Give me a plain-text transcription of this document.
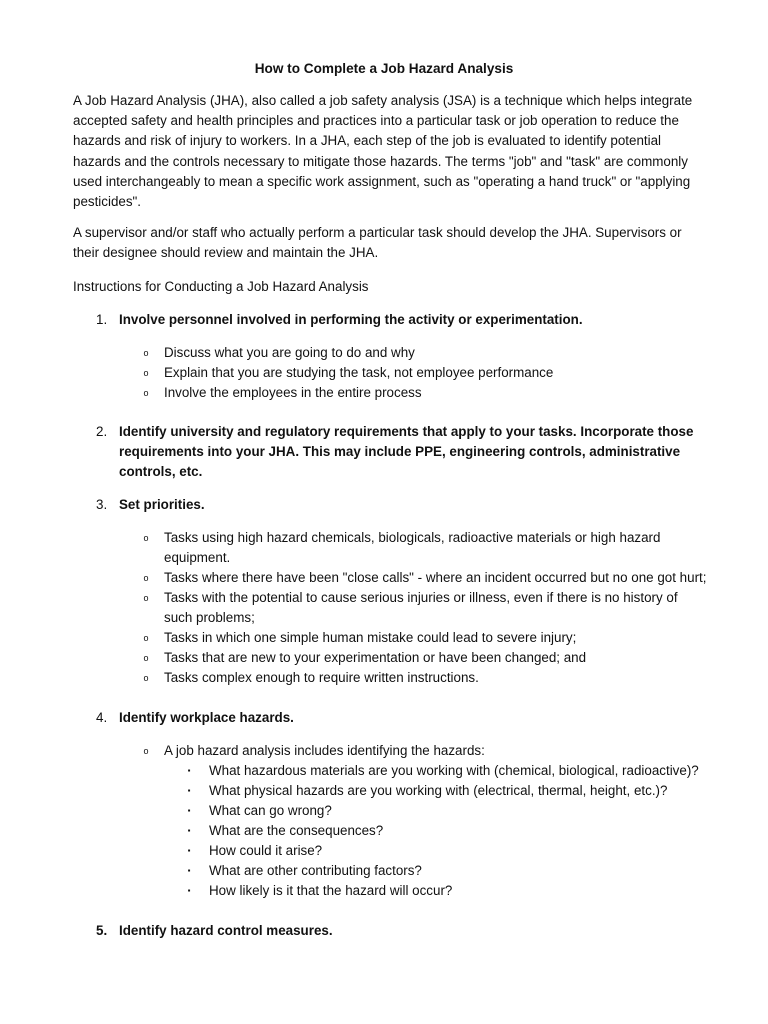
How to Complete a Job Hazard Analysis

A Job Hazard Analysis (JHA), also called a job safety analysis (JSA) is a technique which helps integrate accepted safety and health principles and practices into a particular task or job operation to reduce the hazards and risk of injury to workers. In a JHA, each step of the job is evaluated to identify potential hazards and the controls necessary to mitigate those hazards. The terms "job" and "task" are commonly used interchangeably to mean a specific work assignment, such as "operating a hand truck" or "applying pesticides".

A supervisor and/or staff who actually perform a particular task should develop the JHA. Supervisors or their designee should review and maintain the JHA.

Instructions for Conducting a Job Hazard Analysis
1. Involve personnel involved in performing the activity or experimentation.
o Discuss what you are going to do and why
o Explain that you are studying the task, not employee performance
o Involve the employees in the entire process
2. Identify university and regulatory requirements that apply to your tasks. Incorporate those requirements into your JHA. This may include PPE, engineering controls, administrative controls, etc.
3. Set priorities.
o Tasks using high hazard chemicals, biologicals, radioactive materials or high hazard equipment.
o Tasks where there have been "close calls" - where an incident occurred but no one got hurt;
o Tasks with the potential to cause serious injuries or illness, even if there is no history of such problems;
o Tasks in which one simple human mistake could lead to severe injury;
o Tasks that are new to your experimentation or have been changed; and
o Tasks complex enough to require written instructions.
4. Identify workplace hazards.
o A job hazard analysis includes identifying the hazards:
▪ What hazardous materials are you working with (chemical, biological, radioactive)?
▪ What physical hazards are you working with (electrical, thermal, height, etc.)?
▪ What can go wrong?
▪ What are the consequences?
▪ How could it arise?
▪ What are other contributing factors?
▪ How likely is it that the hazard will occur?
5. Identify hazard control measures.
